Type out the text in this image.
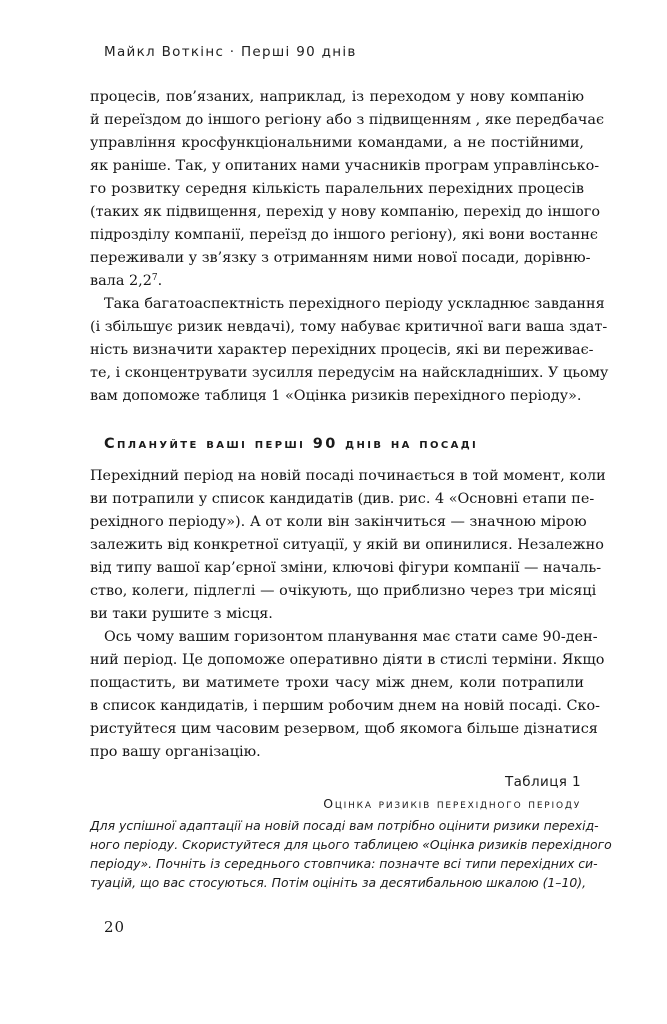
Майкл Воткінс · Перші 90 днів
процесів, пов’язаних, наприклад, із переходом у нову компанію
й переїздом до іншого регіону або з підвищенням , яке передбачає
управління кросфункціональними командами, а не постійними,
як раніше. Так, у опитаних нами учасників програм управлінсько-
го розвитку середня кількість паралельних перехідних процесів
(таких як підвищення, перехід у нову компанію, перехід до іншого
підрозділу компанії, переїзд до іншого регіону), які вони востаннє
переживали у зв’язку з отриманням ними нової посади, дорівню-
вала $2,2^7$.
Така багатоаспектність перехідного періоду ускладнює завдання
(і збільшує ризик невдачі), тому набуває критичної ваги ваша здат-
ність визначити характер перехідних процесів, які ви переживає-
те, і сконцентрувати зусилля передусім на найскладніших. У цьому
вам допоможе таблиця 1 «Оцінка ризиків перехідного періоду».
Сплануйте ваші перші 90 днів на посаді
Перехідний період на новій посаді починається в той момент, коли
ви потрапили у список кандидатів (див. рис. 4 «Основні етапи пе-
рехідного періоду»). А от коли він закінчиться — значною мірою
залежить від конкретної ситуації, у якій ви опинилися. Незалежно
від типу вашої кар’єрної зміни, ключові фігури компанії — началь-
ство, колеги, підлеглі — очікують, що приблизно через три місяці
ви таки рушите з місця.
Ось чому вашим горизонтом планування має стати саме 90-ден-
ний період. Це допоможе оперативно діяти в стислі терміни. Якщо
пощастить, ви матимете трохи часу між днем, коли потрапили
в список кандидатів, і першим робочим днем на новій посаді. Ско-
ристуйтеся цим часовим резервом, щоб якомога більше дізнатися
про вашу організацію.
Таблиця 1
Оцінка ризиків перехідного періоду
Для успішної адаптації на новій посаді вам потрібно оцінити ризики перехід-
ного періоду. Скористуйтеся для цього таблицею «Оцінка ризиків перехідного
періоду». Почніть із середнього стовпчика: позначте всі типи перехідних си-
туацій, що вас стосуються. Потім оцініть за десятибальною шкалою (1–10),
20
